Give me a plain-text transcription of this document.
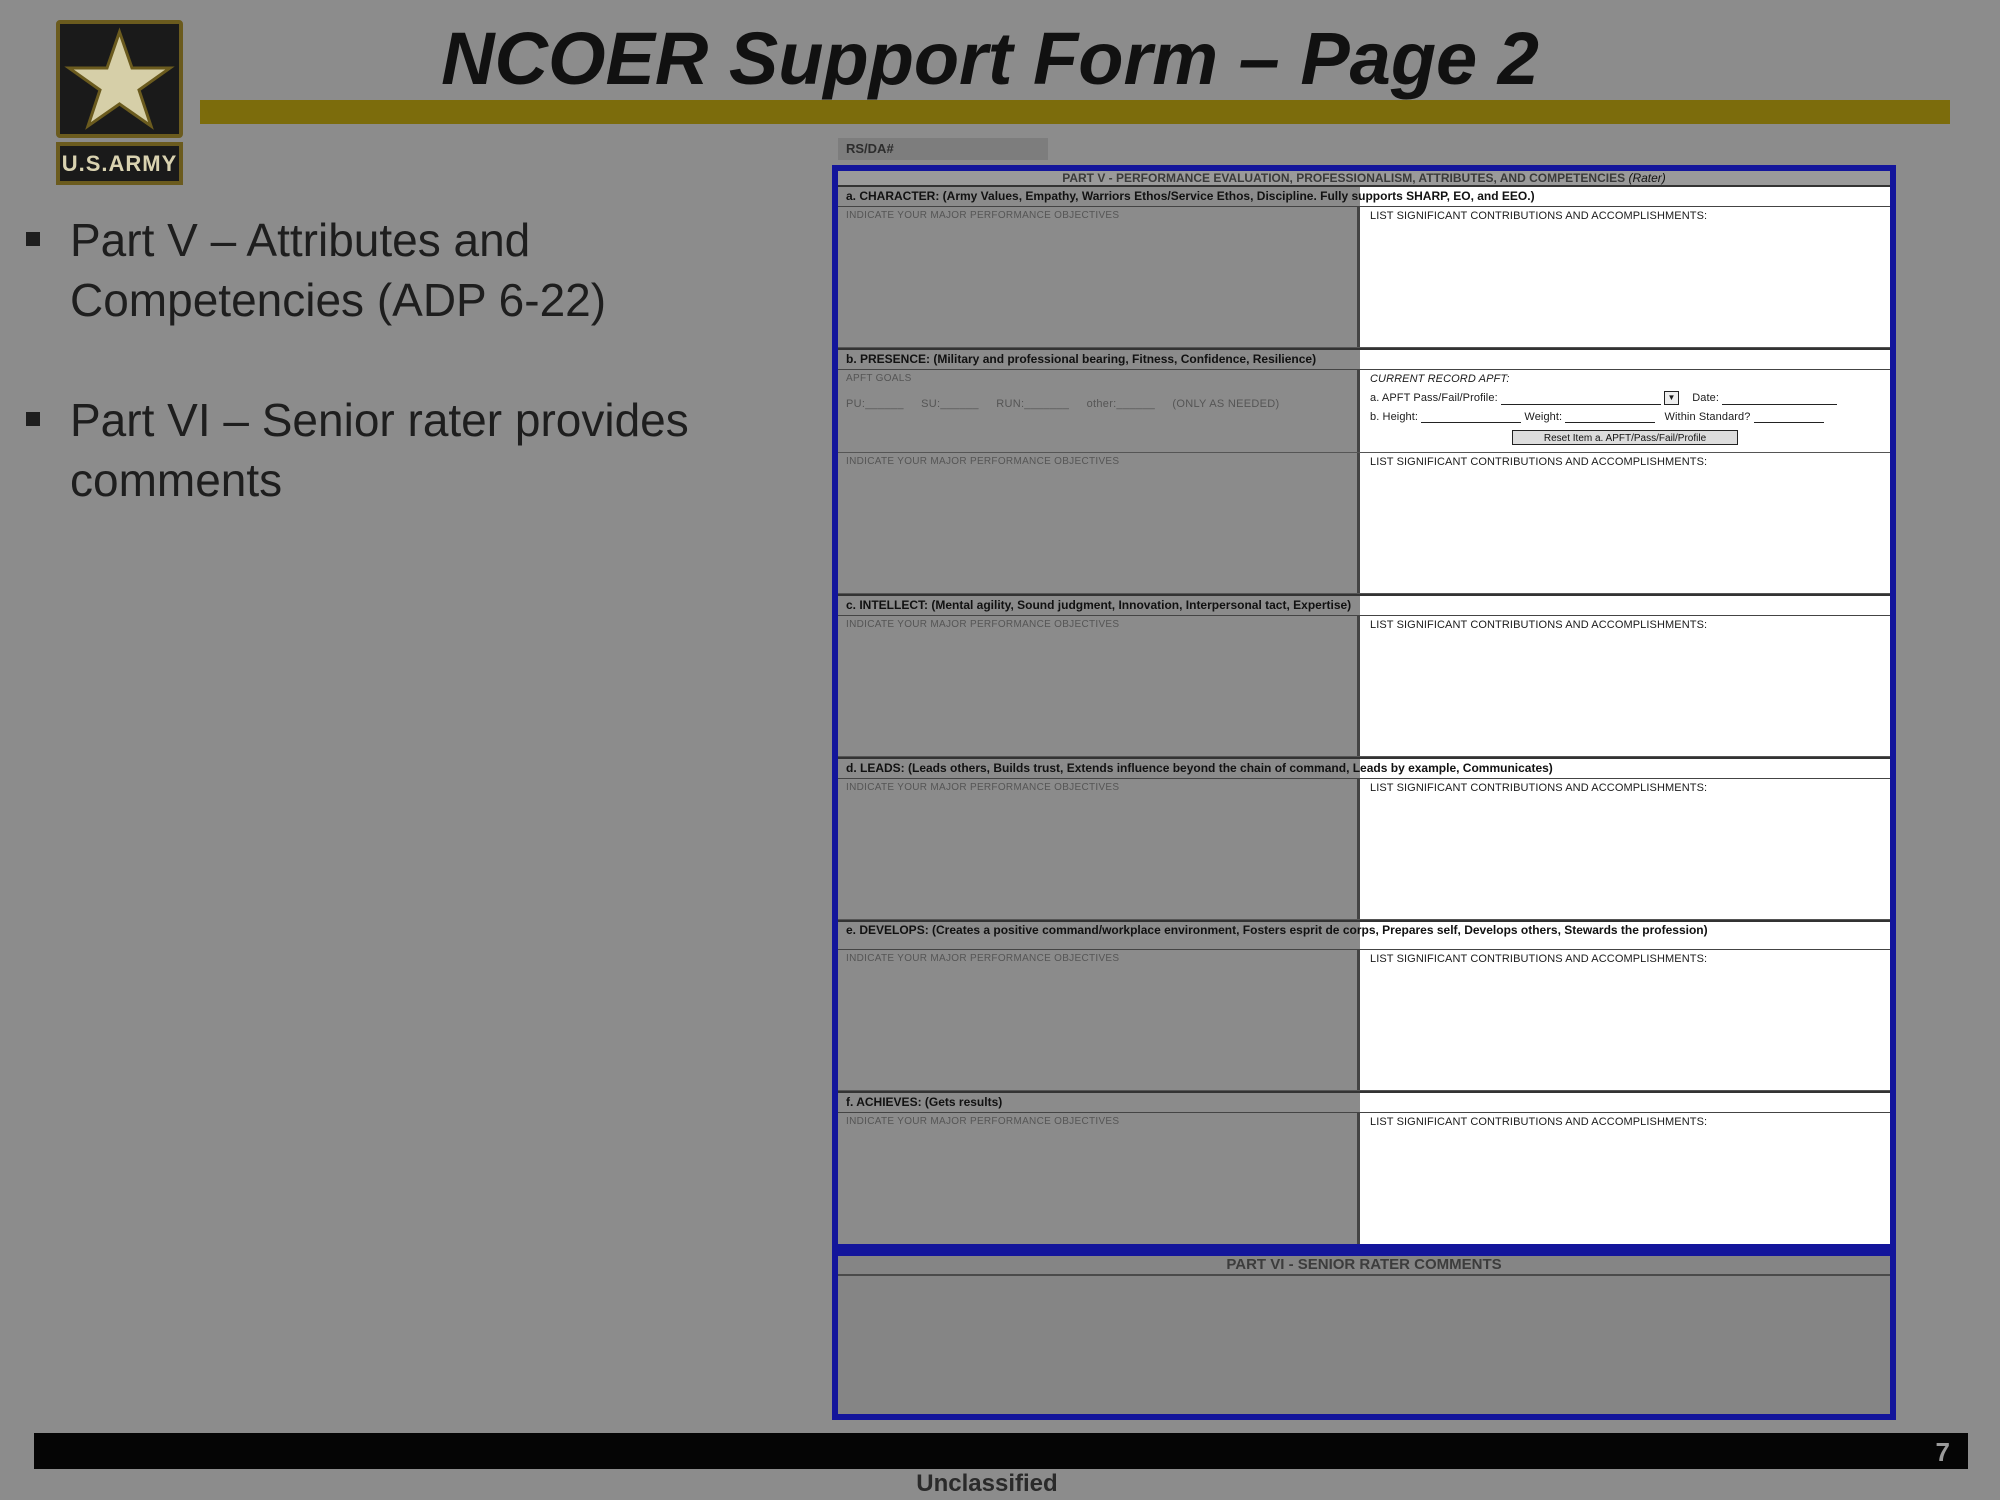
U.S.ARMY
NCOER Support Form – Page 2
Part V – Attributes and Competencies (ADP 6-22)
Part VI – Senior rater provides comments
RS/DA#
PART V - PERFORMANCE EVALUATION, PROFESSIONALISM, ATTRIBUTES, AND COMPETENCIES (Rater)
a. CHARACTER: (Army Values, Empathy, Warriors Ethos/Service Ethos, Discipline. Fully supports SHARP, EO, and EEO.)
INDICATE YOUR MAJOR PERFORMANCE OBJECTIVES	LIST SIGNIFICANT CONTRIBUTIONS AND ACCOMPLISHMENTS:
b. PRESENCE: (Military and professional bearing, Fitness, Confidence, Resilience)
APFT GOALS
PU:______ SU:______ RUN:_______ other:______ (ONLY AS NEEDED)
CURRENT RECORD APFT:
a. APFT Pass/Fail/Profile:	▼ Date:
b. Height:	Weight:	Within Standard?
Reset Item a. APFT/Pass/Fail/Profile
INDICATE YOUR MAJOR PERFORMANCE OBJECTIVES	LIST SIGNIFICANT CONTRIBUTIONS AND ACCOMPLISHMENTS:
c. INTELLECT: (Mental agility, Sound judgment, Innovation, Interpersonal tact, Expertise)
INDICATE YOUR MAJOR PERFORMANCE OBJECTIVES	LIST SIGNIFICANT CONTRIBUTIONS AND ACCOMPLISHMENTS:
d. LEADS: (Leads others, Builds trust, Extends influence beyond the chain of command, Leads by example, Communicates)
INDICATE YOUR MAJOR PERFORMANCE OBJECTIVES	LIST SIGNIFICANT CONTRIBUTIONS AND ACCOMPLISHMENTS:
e. DEVELOPS: (Creates a positive command/workplace environment, Fosters esprit de corps, Prepares self, Develops others, Stewards the profession)
INDICATE YOUR MAJOR PERFORMANCE OBJECTIVES	LIST SIGNIFICANT CONTRIBUTIONS AND ACCOMPLISHMENTS:
f. ACHIEVES: (Gets results)
INDICATE YOUR MAJOR PERFORMANCE OBJECTIVES	LIST SIGNIFICANT CONTRIBUTIONS AND ACCOMPLISHMENTS:
PART VI - SENIOR RATER COMMENTS
7
Unclassified
